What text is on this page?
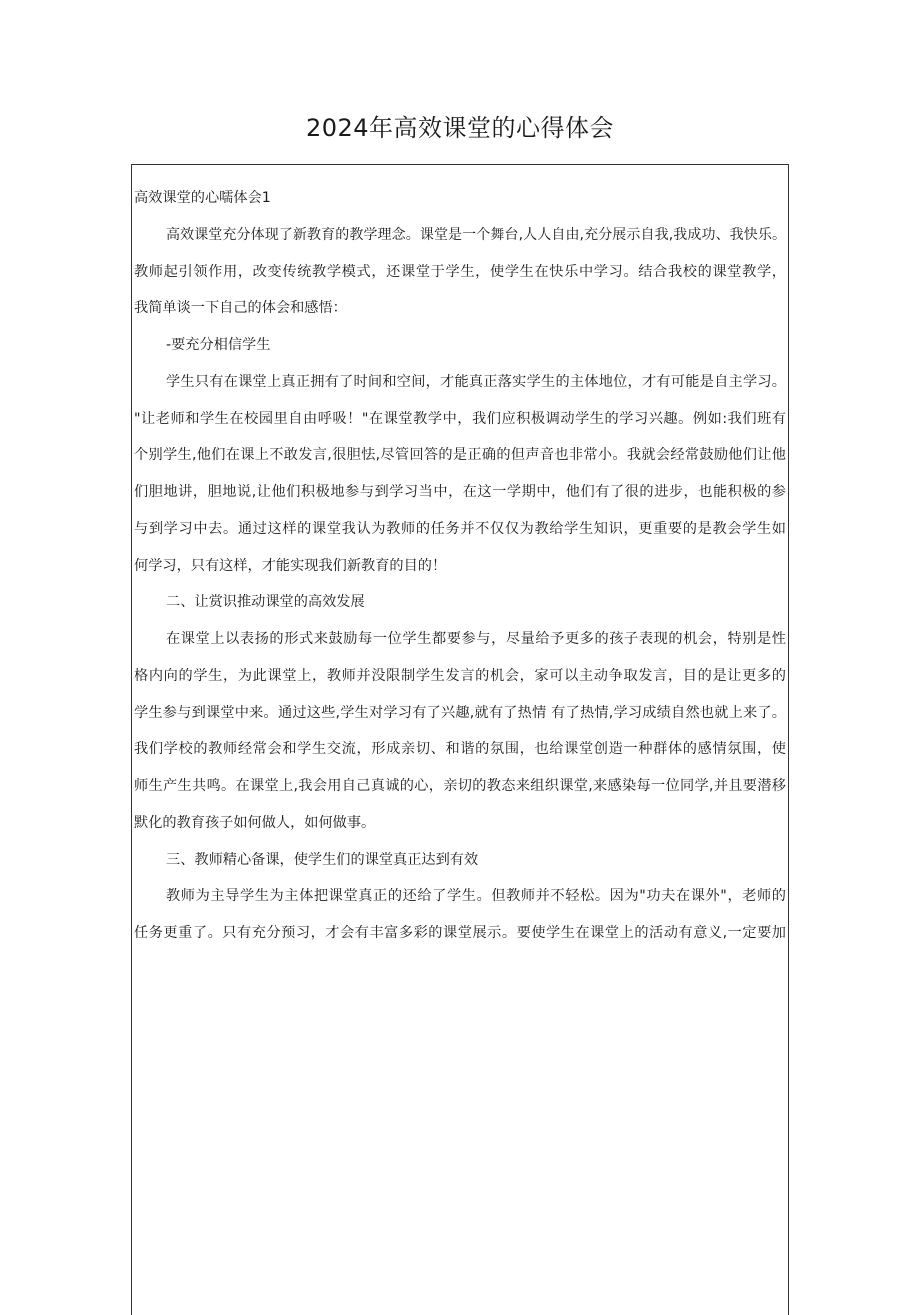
2024年高效课堂的心得体会
高效课堂的心嚅体会1
高效课堂充分体现了新教育的教学理念。课堂是一个舞台,人人自由,充分展示自我,我成功、我快乐。
教师起引领作用，改变传统教学模式，还课堂于学生，使学生在快乐中学习。结合我校的课堂教学，
我简单谈一下自己的体会和感悟：
-要充分相信学生
学生只有在课堂上真正拥有了时间和空间，才能真正落实学生的主体地位，才有可能是自主学习。
"让老师和学生在校园里自由呼吸！"在课堂教学中，我们应积极调动学生的学习兴趣。例如:我们班有
个别学生,他们在课上不敢发言,很胆怯,尽管回答的是正确的但声音也非常小。我就会经常鼓励他们让他
们胆地讲，胆地说,让他们积极地参与到学习当中，在这一学期中，他们有了很的进步，也能积极的参
与到学习中去。通过这样的课堂我认为教师的任务并不仅仅为教给学生知识，更重要的是教会学生如
何学习，只有这样，才能实现我们新教育的目的！
二、让赏识推动课堂的高效发展
在课堂上以表扬的形式来鼓励每一位学生都要参与，尽量给予更多的孩子表现的机会，特别是性
格内向的学生，为此课堂上，教师并没限制学生发言的机会，家可以主动争取发言，目的是让更多的
学生参与到课堂中来。通过这些,学生对学习有了兴趣,就有了热情 有了热情,学习成绩自然也就上来了。
我们学校的教师经常会和学生交流，形成亲切、和谐的氛围，也给课堂创造一种群体的感情氛围，使
师生产生共鸣。在课堂上,我会用自己真诚的心，亲切的教态来组织课堂,来感染每一位同学,并且要潜移
默化的教育孩子如何做人，如何做事。
三、教师精心备课，使学生们的课堂真正达到有效
教师为主导学生为主体把课堂真正的还给了学生。但教师并不轻松。因为"功夫在课外"，老师的
任务更重了。只有充分预习，才会有丰富多彩的课堂展示。要使学生在课堂上的活动有意义,一定要加
